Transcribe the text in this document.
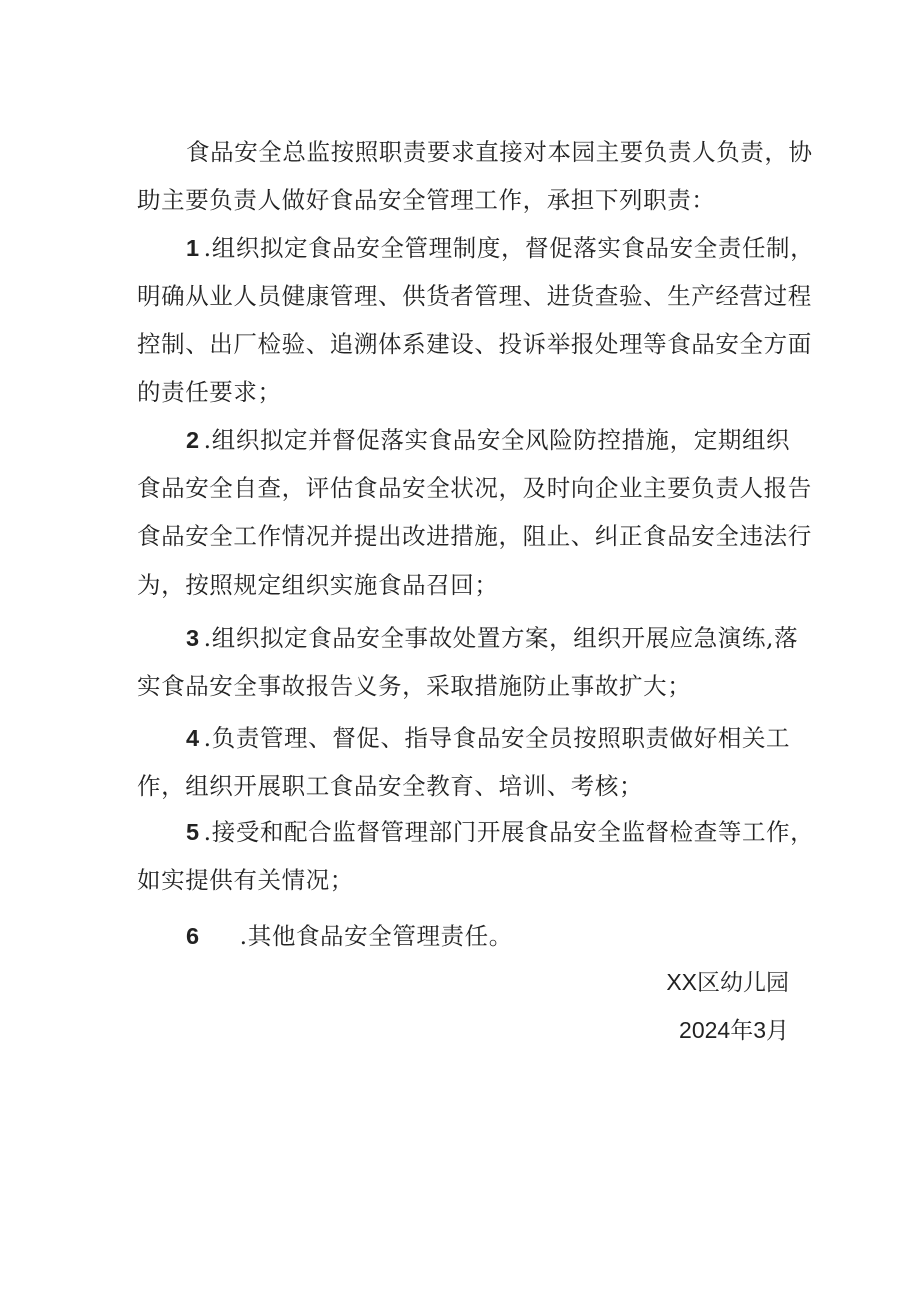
食品安全总监按照职责要求直接对本园主要负责人负责，协
助主要负责人做好食品安全管理工作，承担下列职责：
1 .组织拟定食品安全管理制度，督促落实食品安全责任制，
明确从业人员健康管理、供货者管理、进货查验、生产经营过程
控制、出厂检验、追溯体系建设、投诉举报处理等食品安全方面
的责任要求；
2 .组织拟定并督促落实食品安全风险防控措施，定期组织
食品安全自查，评估食品安全状况，及时向企业主要负责人报告
食品安全工作情况并提出改进措施，阻止、纠正食品安全违法行
为，按照规定组织实施食品召回；
3 .组织拟定食品安全事故处置方案，组织开展应急演练,落
实食品安全事故报告义务，采取措施防止事故扩大；
4 .负责管理、督促、指导食品安全员按照职责做好相关工
作，组织开展职工食品安全教育、培训、考核；
5 .接受和配合监督管理部门开展食品安全监督检查等工作，
如实提供有关情况；
6 .其他食品安全管理责任。
XX区幼儿园
2024年3月
